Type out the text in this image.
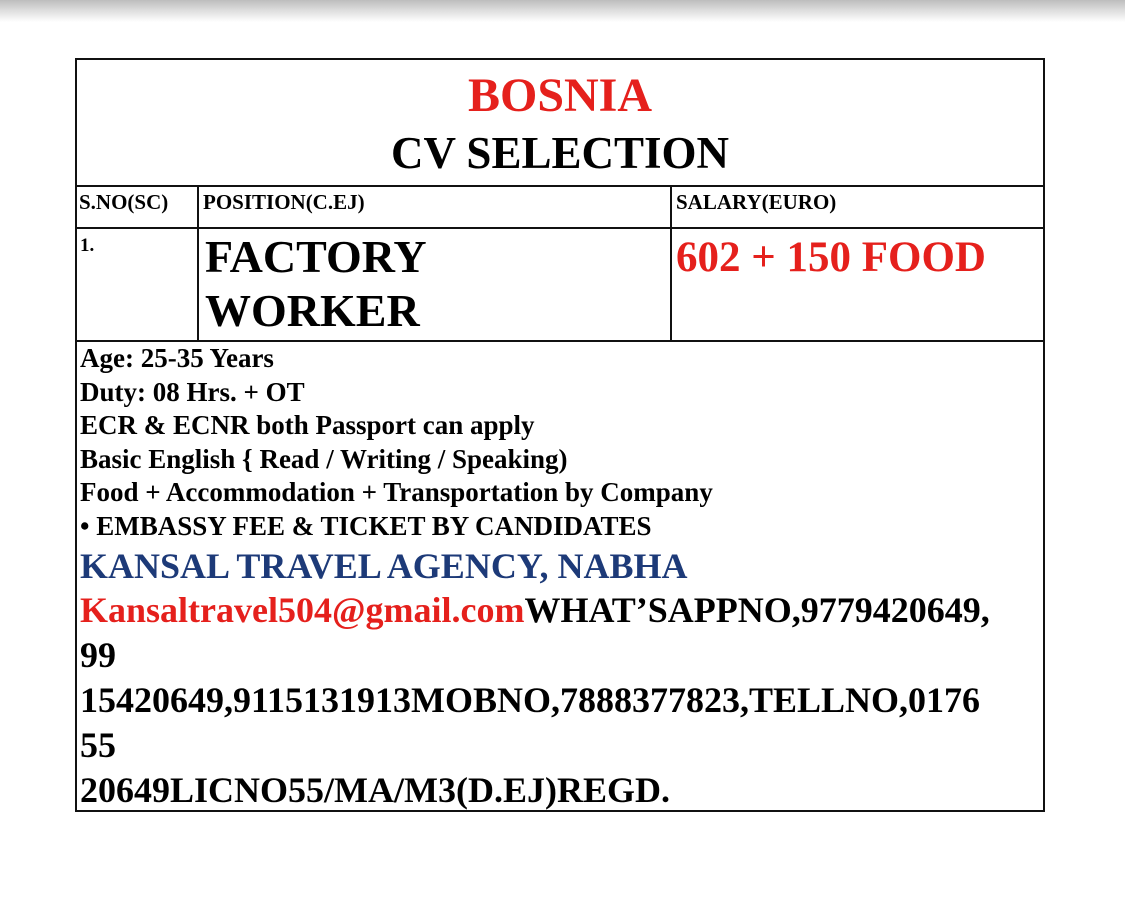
BOSNIA
CV SELECTION
S.NO(SC) POSITION(C.EJ)	SALARY(EURO)
1. FACTORY
WORKER
602 + 150 FOOD
Age: 25-35 Years
Duty: 08 Hrs. + OT
ECR & ECNR both Passport can apply
Basic English { Read / Writing / Speaking)
Food + Accommodation + Transportation by Company
• EMBASSY FEE & TICKET BY CANDIDATES
KANSAL TRAVEL AGENCY, NABHA
Kansaltravel504@gmail.comWHAT’SAPPNO,9779420649,
99
15420649,9115131913MOBNO,7888377823,TELLNO,0176
55
20649LICNO55/MA/M3(D.EJ)REGD.
